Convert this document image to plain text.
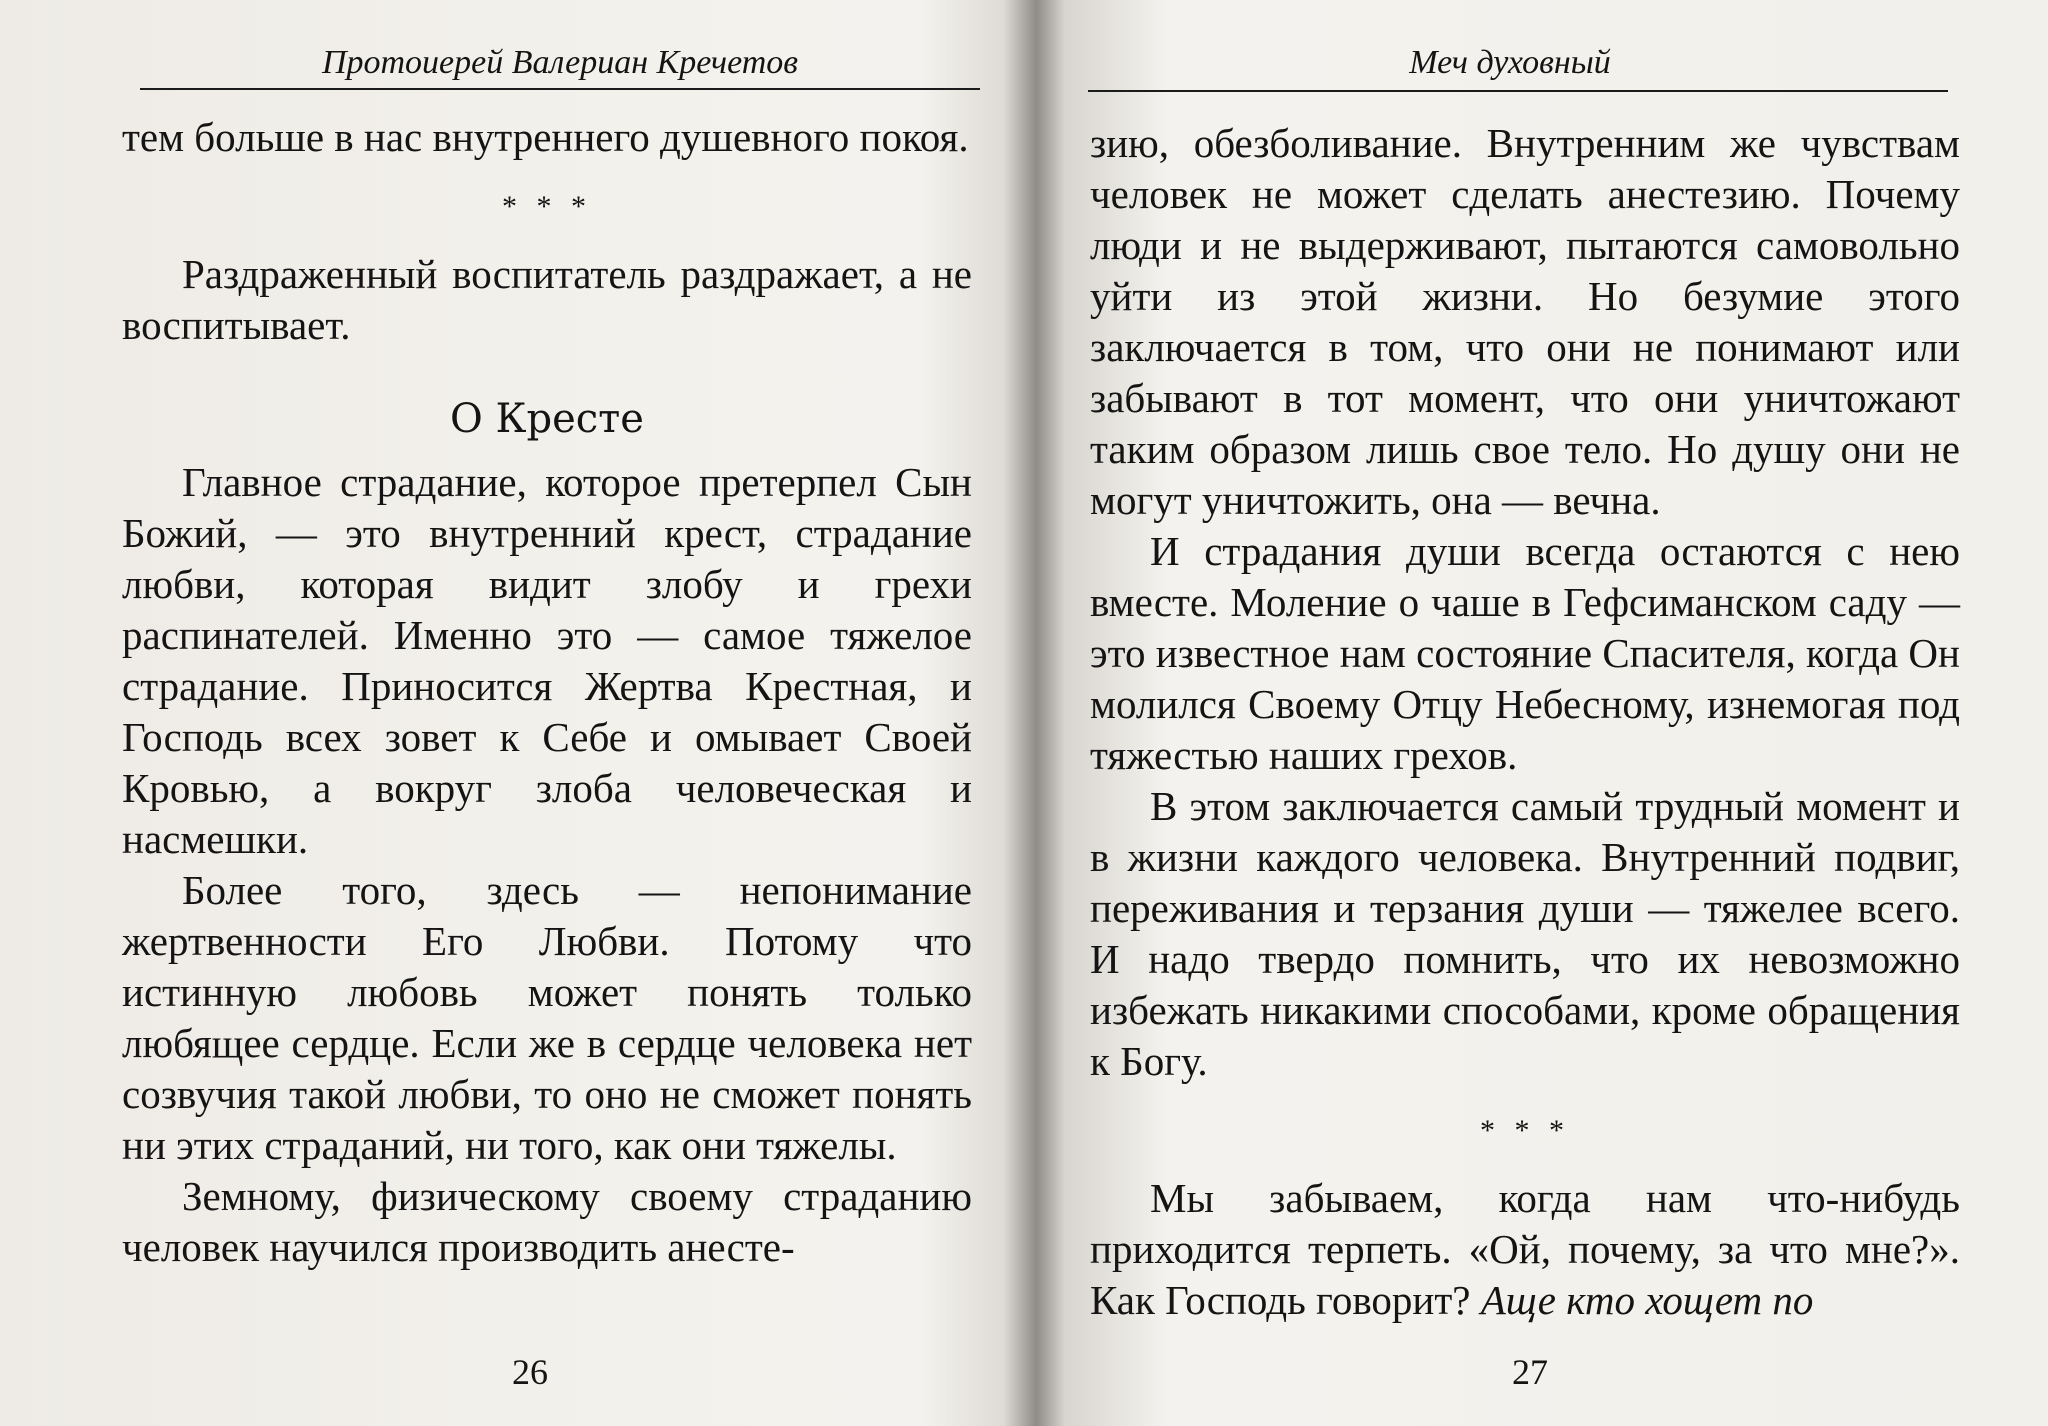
Протоиерей Валериан Кречетов

тем больше в нас внутреннего душевного покоя.

* * *

Раздраженный воспитатель раздражает, а не воспитывает.

О Кресте

Главное страдание, которое претерпел Сын Божий, — это внутренний крест, страдание любви, которая видит злобу и грехи распинателей. Именно это — самое тяжелое страдание. Приносится Жертва Крестная, и Господь всех зовет к Себе и омывает Своей Кровью, а вокруг злоба человеческая и насмешки.

Более того, здесь — непонимание жертвенности Его Любви. Потому что истинную любовь может понять только любящее сердце. Если же в сердце человека нет созвучия такой любви, то оно не сможет понять ни этих страданий, ни того, как они тяжелы.

Земному, физическому своему страданию человек научился производить анесте-

26
Меч духовный

зию, обезболивание. Внутренним же чувствам человек не может сделать анестезию. Почему люди и не выдерживают, пытаются самовольно уйти из этой жизни. Но безумие этого заключается в том, что они не понимают или забывают в тот момент, что они уничтожают таким образом лишь свое тело. Но душу они не могут уничтожить, она — вечна.

И страдания души всегда остаются с нею вместе. Моление о чаше в Гефсиманском саду — это известное нам состояние Спасителя, когда Он молился Своему Отцу Небесному, изнемогая под тяжестью наших грехов.

В этом заключается самый трудный момент и в жизни каждого человека. Внутренний подвиг, переживания и терзания души — тяжелее всего. И надо твердо помнить, что их невозможно избежать никакими способами, кроме обращения к Богу.

* * *

Мы забываем, когда нам что-нибудь приходится терпеть. «Ой, почему, за что мне?». Как Господь говорит? Аще кто хощет по

27
